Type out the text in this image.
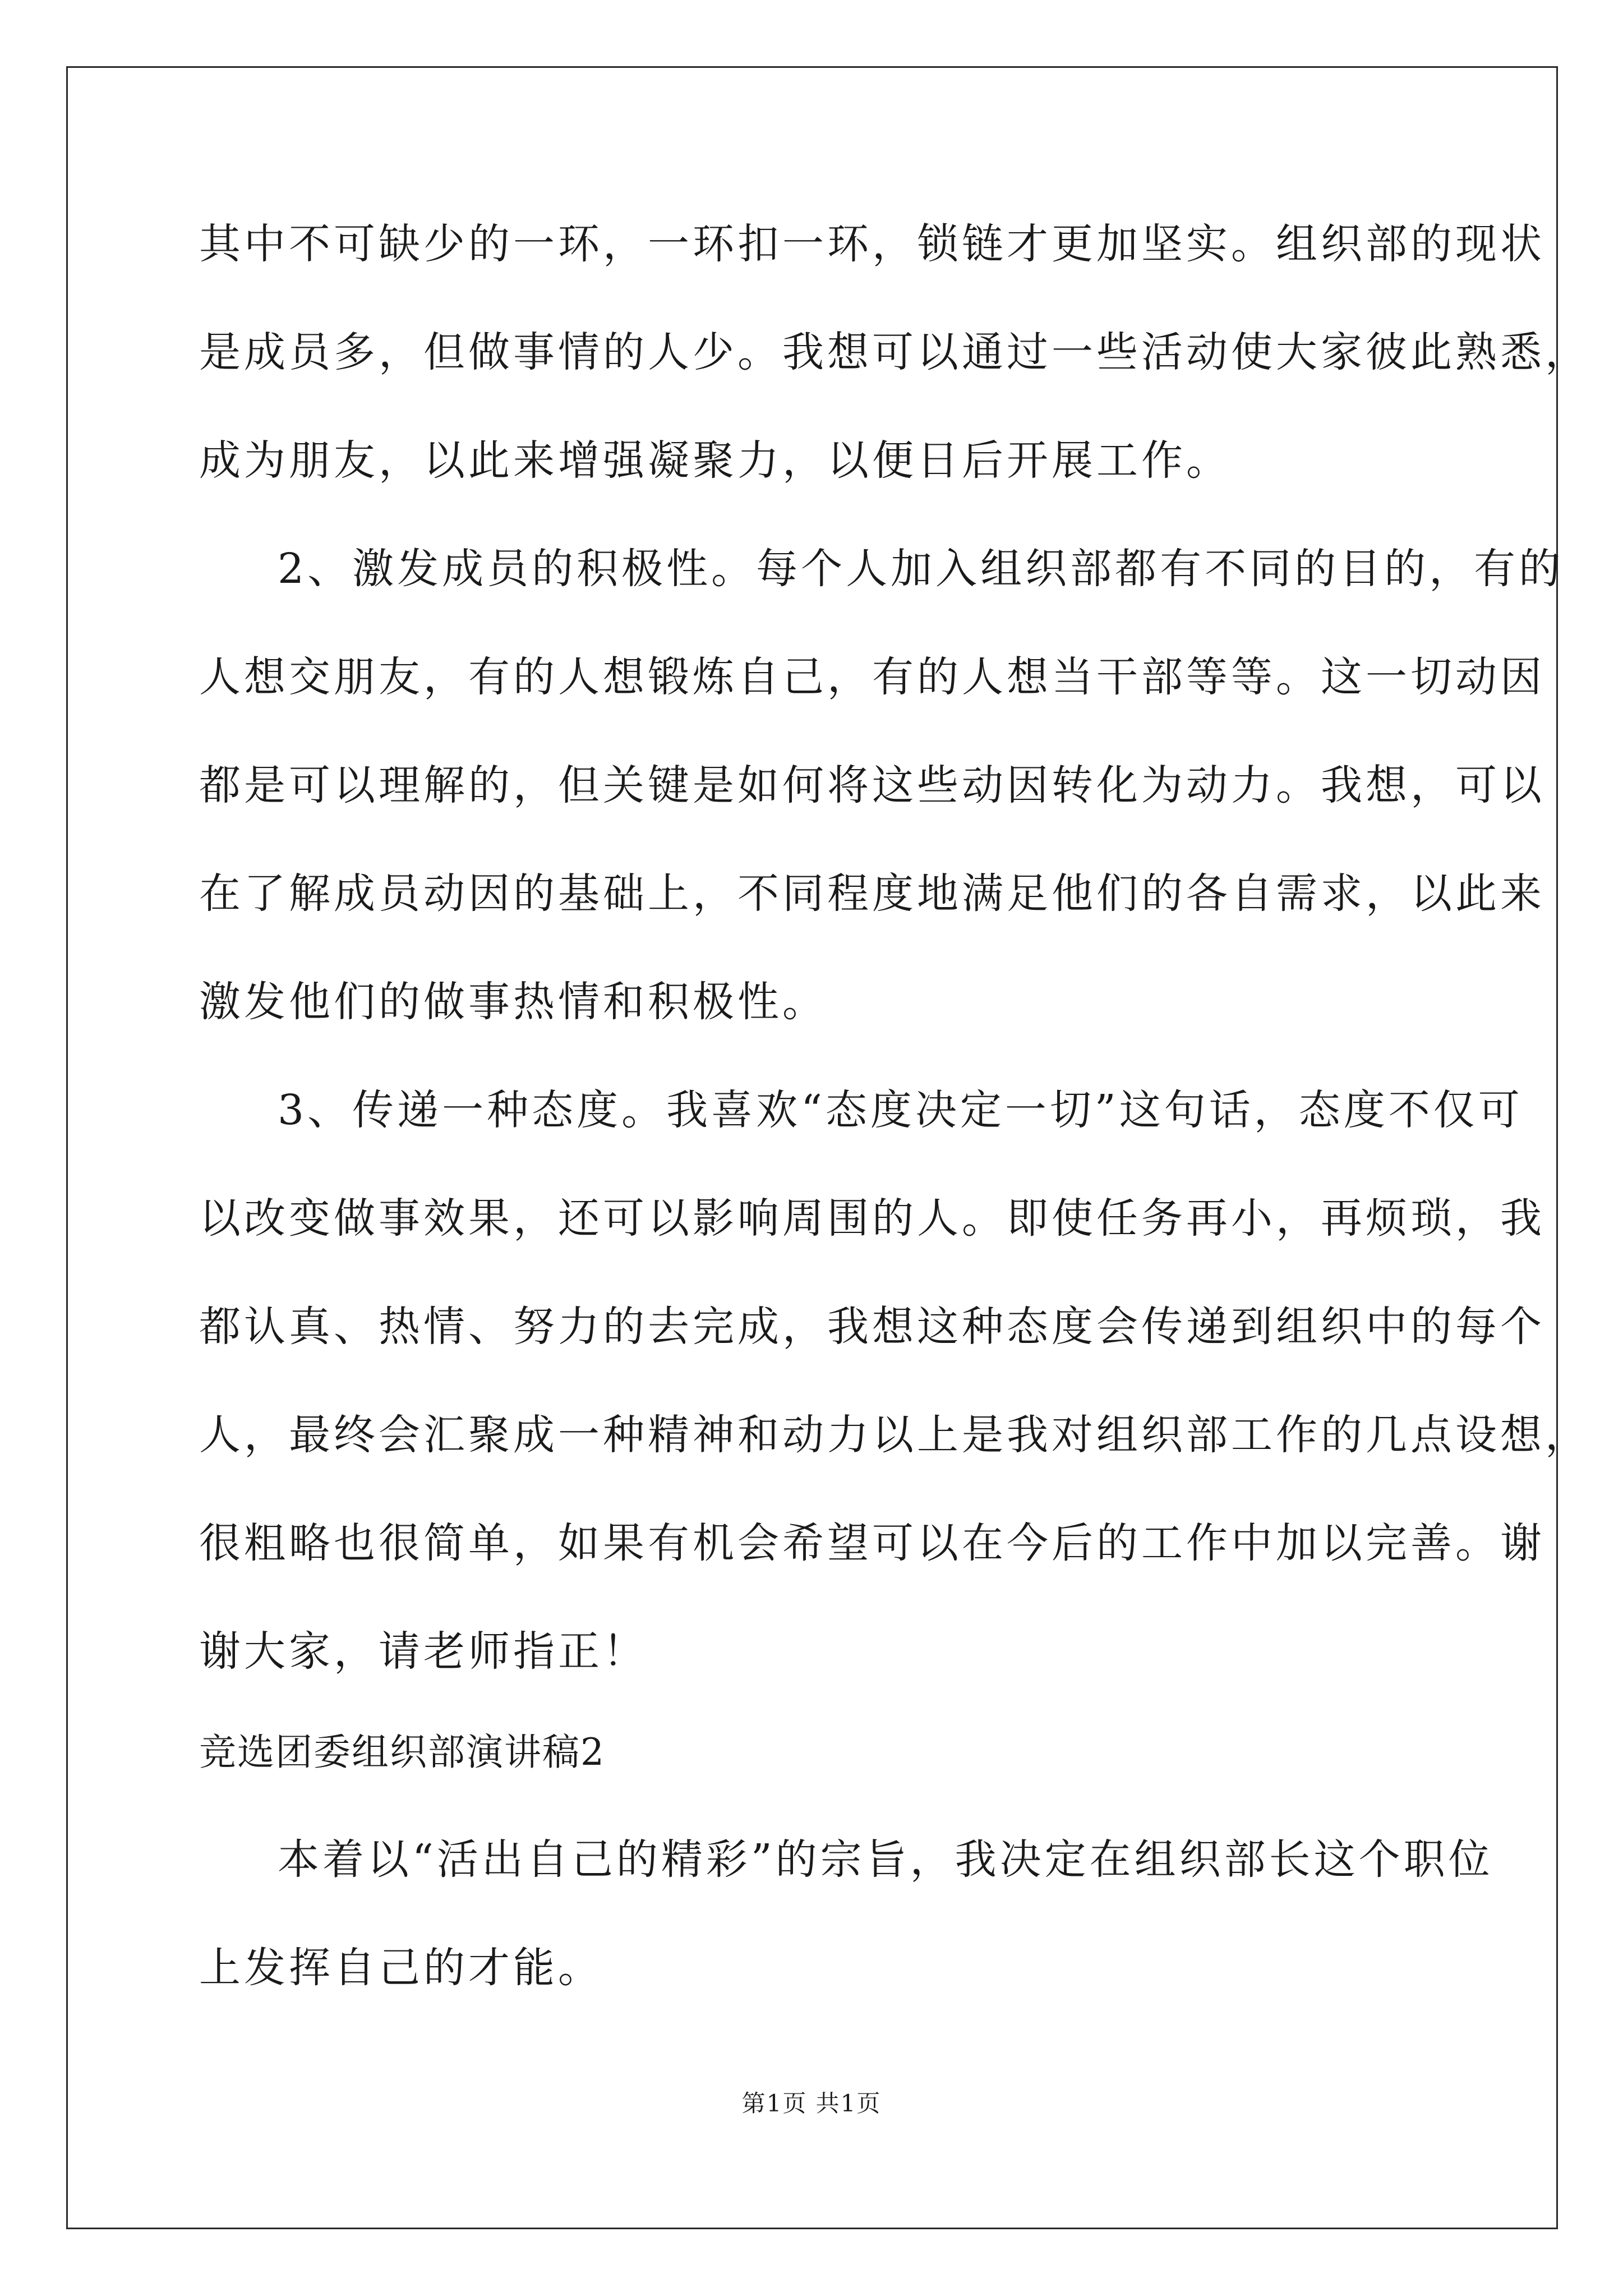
其中不可缺少的一环，一环扣一环，锁链才更加坚实。组织部的现状
是成员多，但做事情的人少。我想可以通过一些活动使大家彼此熟悉，
成为朋友，以此来增强凝聚力，以便日后开展工作。
2、激发成员的积极性。每个人加入组织部都有不同的目的，有的
人想交朋友，有的人想锻炼自己，有的人想当干部等等。这一切动因
都是可以理解的，但关键是如何将这些动因转化为动力。我想，可以
在了解成员动因的基础上，不同程度地满足他们的各自需求，以此来
激发他们的做事热情和积极性。
3、传递一种态度。我喜欢“态度决定一切”这句话，态度不仅可
以改变做事效果，还可以影响周围的人。即使任务再小，再烦琐，我
都认真、热情、努力的去完成，我想这种态度会传递到组织中的每个
人，最终会汇聚成一种精神和动力以上是我对组织部工作的几点设想，
很粗略也很简单，如果有机会希望可以在今后的工作中加以完善。谢
谢大家，请老师指正！
竞选团委组织部演讲稿2
本着以“活出自己的精彩”的宗旨，我决定在组织部长这个职位
上发挥自己的才能。
第1页 共1页
